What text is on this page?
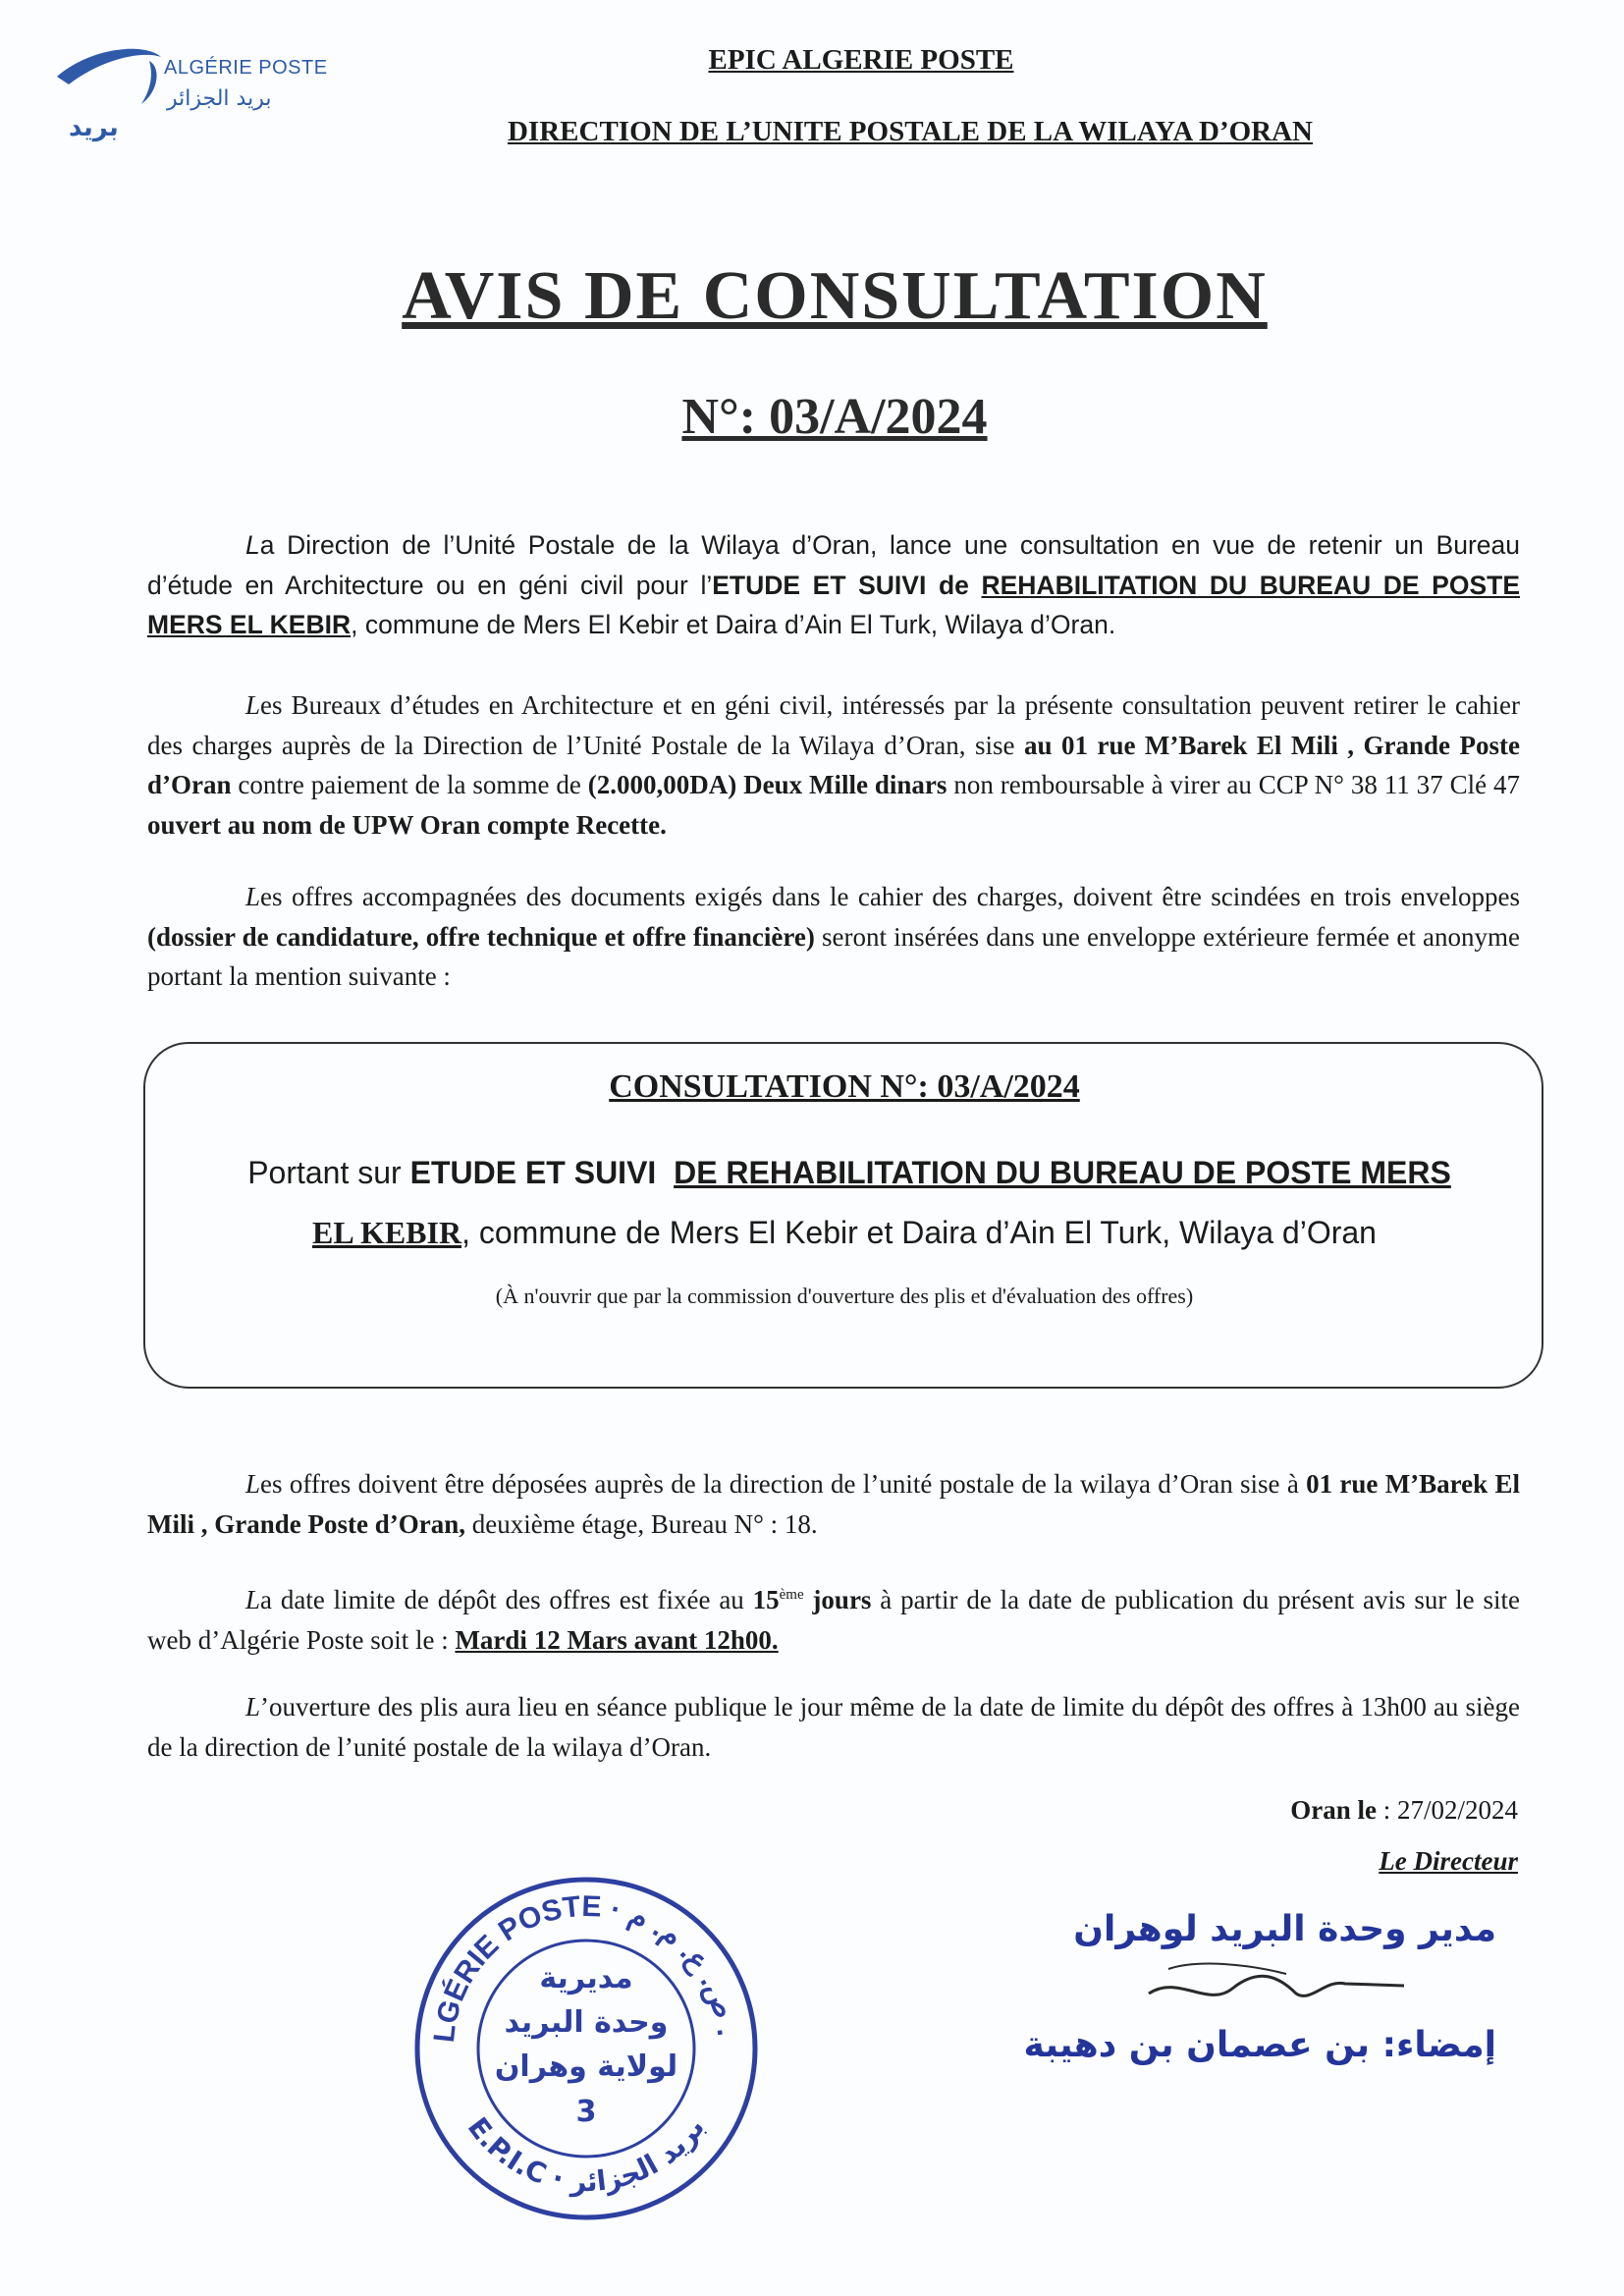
بريد
ALGÉRIE POSTE
بريد الجزائر
EPIC ALGERIE POSTE
DIRECTION DE L’UNITE POSTALE DE LA WILAYA D’ORAN
AVIS DE CONSULTATION
N°: 03/A/2024
La Direction de l’Unité Postale de la Wilaya d’Oran, lance une consultation en vue de retenir un Bureau d’étude en Architecture ou en géni civil pour l’ETUDE ET SUIVI de REHABILITATION DU BUREAU DE POSTE MERS EL KEBIR, commune de Mers El Kebir et Daira d’Ain El Turk, Wilaya d’Oran.
Les Bureaux d’études en Architecture et en géni civil, intéressés par la présente consultation peuvent retirer le cahier des charges auprès de la Direction de l’Unité Postale de la Wilaya d’Oran, sise au 01 rue M’Barek El Mili , Grande Poste d’Oran contre paiement de la somme de (2.000,00DA) Deux Mille dinars non remboursable à virer au CCP N° 38 11 37 Clé 47 ouvert au nom de UPW Oran compte Recette.
Les offres accompagnées des documents exigés dans le cahier des charges, doivent être scindées en trois enveloppes (dossier de candidature, offre technique et offre financière) seront insérées dans une enveloppe extérieure fermée et anonyme portant la mention suivante :
CONSULTATION N°: 03/A/2024
Portant sur ETUDE ET SUIVI DE REHABILITATION DU BUREAU DE POSTE MERS
EL KEBIR, commune de Mers El Kebir et Daira d’Ain El Turk, Wilaya d’Oran
(À n'ouvrir que par la commission d'ouverture des plis et d'évaluation des offres)
Les offres doivent être déposées auprès de la direction de l’unité postale de la wilaya d’Oran sise à 01 rue M’Barek El Mili , Grande Poste d’Oran, deuxième étage, Bureau N° : 18.
La date limite de dépôt des offres est fixée au 15ème jours à partir de la date de publication du présent avis sur le site web d’Algérie Poste soit le : Mardi 12 Mars avant 12h00.
L’ouverture des plis aura lieu en séance publique le jour même de la date de limite du dépôt des offres à 13h00 au siège de la direction de l’unité postale de la wilaya d’Oran.
Oran le : 27/02/2024
Le Directeur
مدير وحدة البريد لوهران
إمضاء: بن عصمان بن دهيبة
LGÉRIE POSTE · . ص. ع. م. م
E.P.I.C · بريد الجزائر
مديرية
وحدة البريد
لولاية وهران
3
